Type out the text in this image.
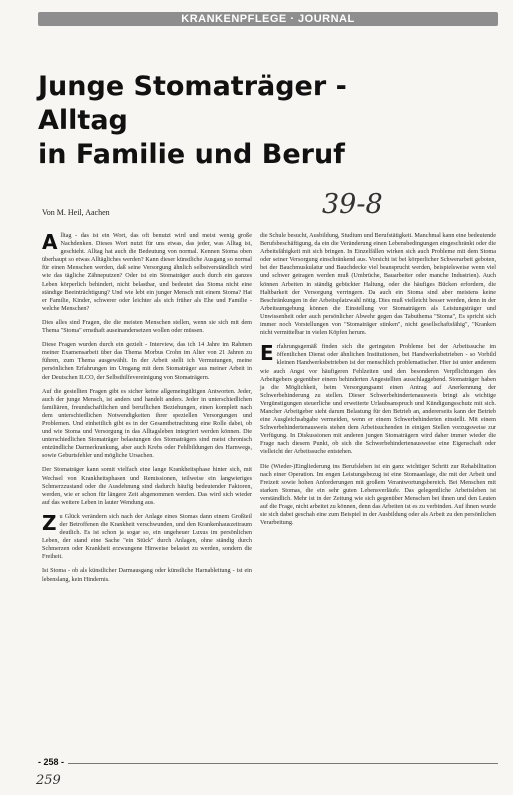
KRANKENPFLEGE · JOURNAL
Junge Stomaträger -
Alltag
in Familie und Beruf
39-8
Von M. Heil, Aachen

Alltag - das ist ein Wort, das oft benutzt wird und meist wenig große Nachdenken. Dieses Wort nutzt für uns etwas, das jeder, was Alltag ist, geschieht. Alltag hat auch die Bedeutung von normal. Kennen Stoma oben überhaupt so etwas Alltägliches werden? Kann dieser künstliche Ausgang so normal für einen Menschen werden, daß seine Versorgung ähnlich selbstverständlich wird wie das tägliche Zähneputzen? Oder ist ein Stomaträger auch durch ein ganzes Leben körperlich behindert, nicht belastbar, und bedeutet das Stoma nicht eine ständige Beeinträchtigung? Und wie lebt ein junger Mensch mit einem Stoma? Hat er Familie, Kinder, schwerer oder leichter als sich früher als Ehe und Familie - welche Menschen?

Dies alles sind Fragen, die die meisten Menschen stellen, wenn sie sich mit dem Thema "Stoma" ernsthaft auseinandersetzen wollen oder müssen.

Diese Fragen wurden durch ein gezielt - Interview, das ich 14 Jahre im Rahmen meiner Examensarbeit über das Thema Morbus Crohn im Alter von 21 Jahren zu führen, zum Thema ausgewählt. In der Arbeit stellt ich Vermutungen, meine persönlichen Erfahrungen im Umgang mit dem Stomaträger aus meiner Arbeit in der Deutschen ILCO, der Selbsthilfevereinigung von Stomaträgern.

Auf die gestellten Fragen gibt es sicher keine allgemeingültigen Antworten. Jeder, auch der junge Mensch, ist anders und handelt anders. Jeder in unterschiedlichen familiären, freundschaftlichen und beruflichen Beziehungen, einen komplett nach dem unterschiedlichen Notwendigkeiten ihrer speziellen Versorgungen und Problemen. Und einheitlich gibt es in der Gesamtbetrachtung eine Rolle dabei, ob und wie Stoma und Versorgung in das Alltagsleben integriert werden können. Die unterschiedlichen Stomaträger belastungen des Stomaträgers sind meist chronisch entzündliche Darmerkrankung, aber auch Krebs oder Fehlbildungen des Harnwegs, sowie Geburtsfehler und mögliche Ursachen.

Der Stomaträger kann somit vielfach eine lange Krankheitsphase hinter sich, mit Wechsel von Krankheitsphasen und Remissionen, teilweise ein langwieriges Schmerzzustand oder die Ausdehnung sind dadurch häufig bedeutender Faktoren, werden, wie er schon für längere Zeit abgenommen werden. Das wird sich wieder auf das weitere Leben in lauter Wendung aus.

Zu Glück verändern sich nach der Anlage eines Stomas dann einem Großteil der Betroffenen die Krankheit verschwunden, und den Krankenhauszeitraum deutlich. Es ist schon ja sogar so, ein ungeheuer Luxus im persönlichen Leben, der stand eine Sache "ein Stück" durch Anlagen, ohne ständig durch Schmerzen oder Krankheit erzwungene Hinweise belastet zu werden, sondern die Freiheit.

Ist Stoma - ob als künstlicher Darmausgang oder künstliche Harnableitung - ist ein lebenslang, kein Hindernis.

die Schule besucht, Ausbildung, Studium und Berufstätigkeit. Manchmal kann eine bedeutende Berufsbeschäftigung, da ein die Veränderung einen Lebensbedingungen eingeschränkt oder die Arbeitsfähigkeit mit sich bringen. In Einzelfällen wirken sich auch Probleme mit dem Stoma oder seiner Versorgung einschränkend aus. Vorsicht ist bei körperlicher Schwerarbeit geboten, bei der Bauchmuskulatur und Bauchdecke viel beansprucht werden, beispielsweise wenn viel und schwer getragen werden muß (Umbrüche, Bauarbeiter oder manche Industrien). Auch können Arbeiten in ständig gebückter Haltung, oder die häufiges Bücken erfordern, die Haltbarkeit der Versorgung verringern. Da auch ein Stoma sind aber meistens keine Beschränkungen in der Arbeitsplatzwahl nötig. Dies muß vielleicht besser werden, denn in der Arbeitsumgebung können die Einstellung vor Stomaträgern als Leistungsträger und Unwissenheit oder auch persönlicher Abwehr gegen das Tabuthema "Stoma", Es spricht sich immer noch Vorstellungen von "Stomaträger stinken", nicht gesellschaftsfähig", "Kranken nicht vermittelbar in vielen Köpfen herum.

Erfahrungsgemäß finden sich die geringsten Probleme bei der Arbeitssuche im öffentlichen Dienst oder ähnlichen Institutionen, bei Handwerksbetrieben - so Vorbild kleinen Handwerksbetrieben ist der menschlich problematischer. Hier ist unter anderem wie auch Angst vor häufigeren Fehlzeiten und den besonderen Verpflichtungen des Arbeitgebers gegenüber einem behinderten Angestellten ausschlaggebend. Stomaträger haben ja die Möglichkeit, beim Versorgungsamt einen Antrag auf Anerkennung der Schwerbehinderung zu stellen. Dieser Schwerbehindertenausweis bringt als wichtige Vergünstigungen steuerliche und erweiterte Urlaubsanspruch und Kündigungsschutz mit sich. Mancher Arbeitgeber sieht darum Belastung für den Betrieb an, andererseits kann der Betrieb eine Ausgleichsabgabe vermeiden, wenn er einem Schwerbehinderten einstellt. Mit einem Schwerbehindertenausweis stehen dem Arbeitsuchenden in einigen Stellen vorzugsweise zur Verfügung. In Diskussionen mit anderen jungen Stomaträgern wird daher immer wieder die Frage nach diesem Punkt, ob sich die Schwerbehindertenausweise eine Eigenschaft oder vielleicht der Arbeitssuche entstehen.

Die (Wieder-)Eingliederung ins Berufsleben ist ein ganz wichtiger Schritt zur Rehabilitation nach einer Operation. Im engen Leistungsbezug ist eine Stomaanlage, die mit der Arbeit und Freizeit sowie hohen Anforderungen mit großem Verantwortungsbereich. Bei Menschen mit starken Stomas, die ein sehr guten Lebensverläufe. Das gelegentliche Arbeitsleben ist verständlich. Mehr ist in der Zeitung wie sich gegenüber Menschen bei ihnen und den Leuten auf die Frage, nicht arbeitet zu können, denn das Arbeiten ist es zu verbinden. Auf ihnen wurde sie sich dabei geschah eine zum Beispiel in der Ausbildung oder als Arbeit zu den persönlichen Verarbeitung.

- 258 -
259
